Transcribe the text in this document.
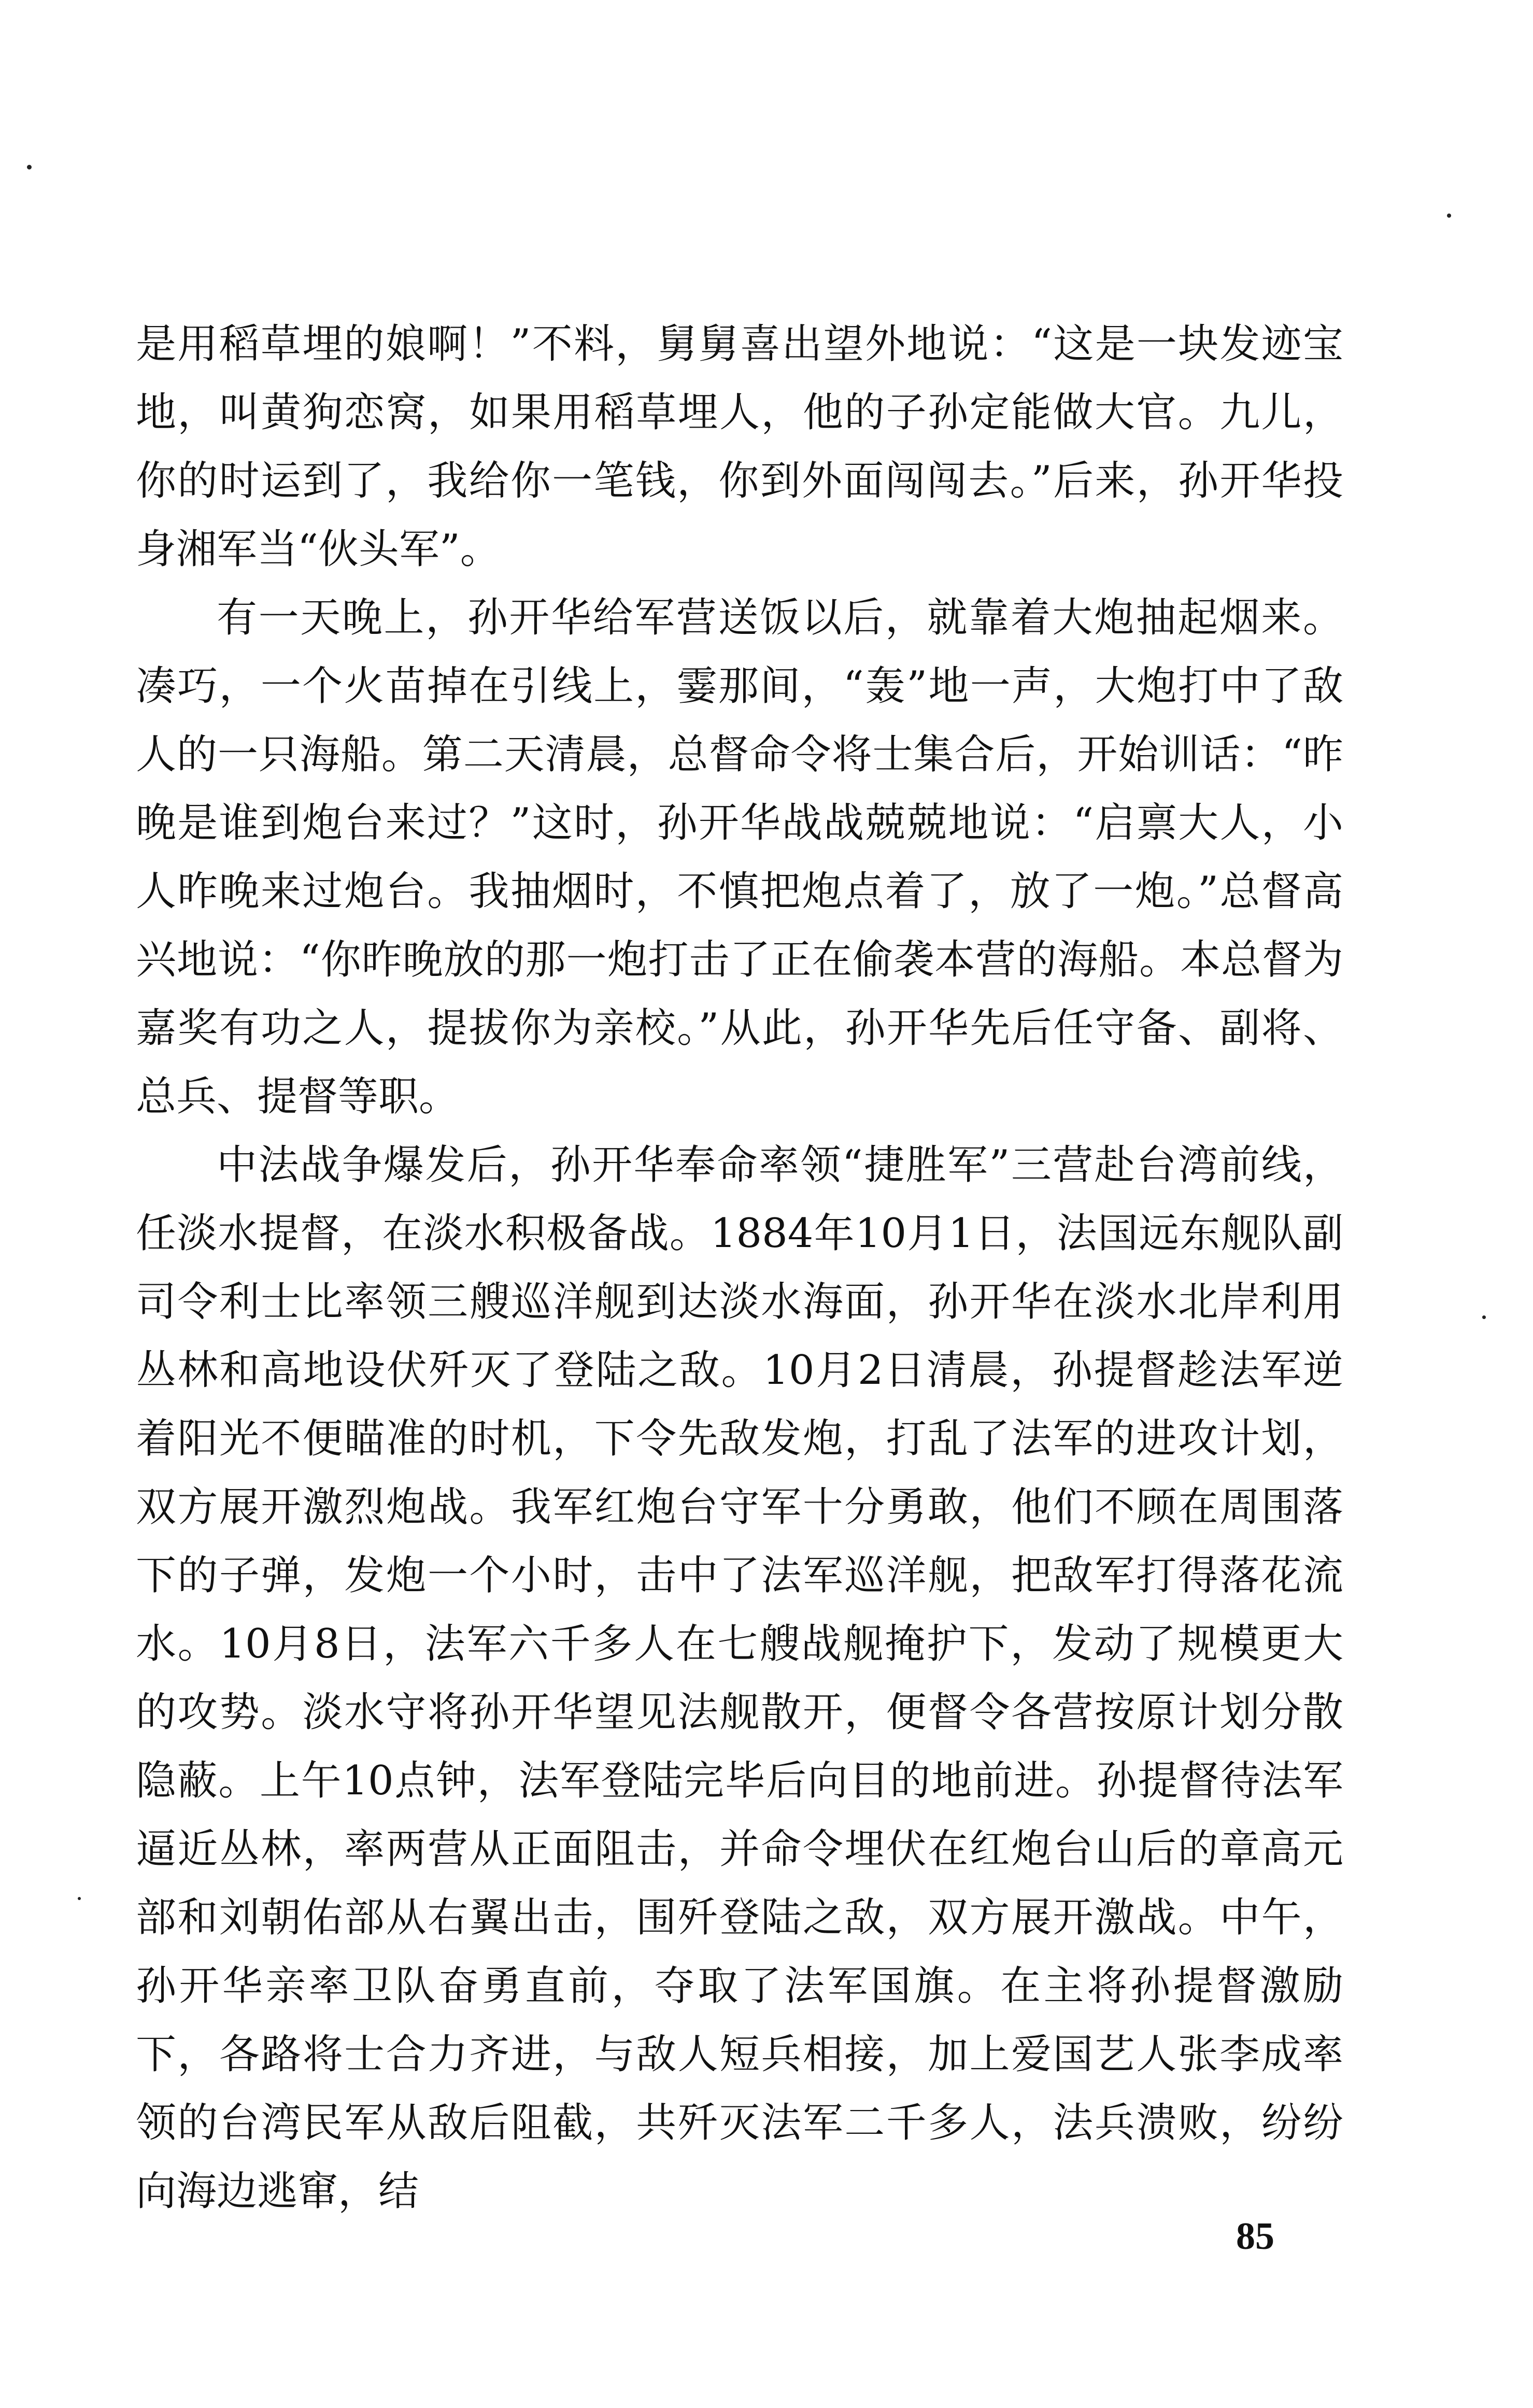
是用稻草埋的娘啊！”不料，舅舅喜出望外地说：“这是一块发迹宝地，叫黄狗恋窝，如果用稻草埋人，他的子孙定能做大官。九儿，你的时运到了，我给你一笔钱，你到外面闯闯去。”后来，孙开华投身湘军当“伙头军”。

有一天晚上，孙开华给军营送饭以后，就靠着大炮抽起烟来。凑巧，一个火苗掉在引线上，霎那间，“轰”地一声，大炮打中了敌人的一只海船。第二天清晨，总督命令将士集合后，开始训话：“昨晚是谁到炮台来过？”这时，孙开华战战兢兢地说：“启禀大人，小人昨晚来过炮台。我抽烟时，不慎把炮点着了，放了一炮。”总督高兴地说：“你昨晚放的那一炮打击了正在偷袭本营的海船。本总督为嘉奖有功之人，提拔你为亲校。”从此，孙开华先后任守备、副将、总兵、提督等职。

中法战争爆发后，孙开华奉命率领“捷胜军”三营赴台湾前线，任淡水提督，在淡水积极备战。1884年10月1日，法国远东舰队副司令利士比率领三艘巡洋舰到达淡水海面，孙开华在淡水北岸利用丛林和高地设伏歼灭了登陆之敌。10月2日清晨，孙提督趁法军逆着阳光不便瞄准的时机，下令先敌发炮，打乱了法军的进攻计划，双方展开激烈炮战。我军红炮台守军十分勇敢，他们不顾在周围落下的子弹，发炮一个小时，击中了法军巡洋舰，把敌军打得落花流水。10月8日，法军六千多人在七艘战舰掩护下，发动了规模更大的攻势。淡水守将孙开华望见法舰散开，便督令各营按原计划分散隐蔽。上午10点钟，法军登陆完毕后向目的地前进。孙提督待法军逼近丛林，率两营从正面阻击，并命令埋伏在红炮台山后的章高元部和刘朝佑部从右翼出击，围歼登陆之敌，双方展开激战。中午，孙开华亲率卫队奋勇直前，夺取了法军国旗。在主将孙提督激励下，各路将士合力齐进，与敌人短兵相接，加上爱国艺人张李成率领的台湾民军从敌后阻截，共歼灭法军二千多人，法兵溃败，纷纷向海边逃窜，结

85
